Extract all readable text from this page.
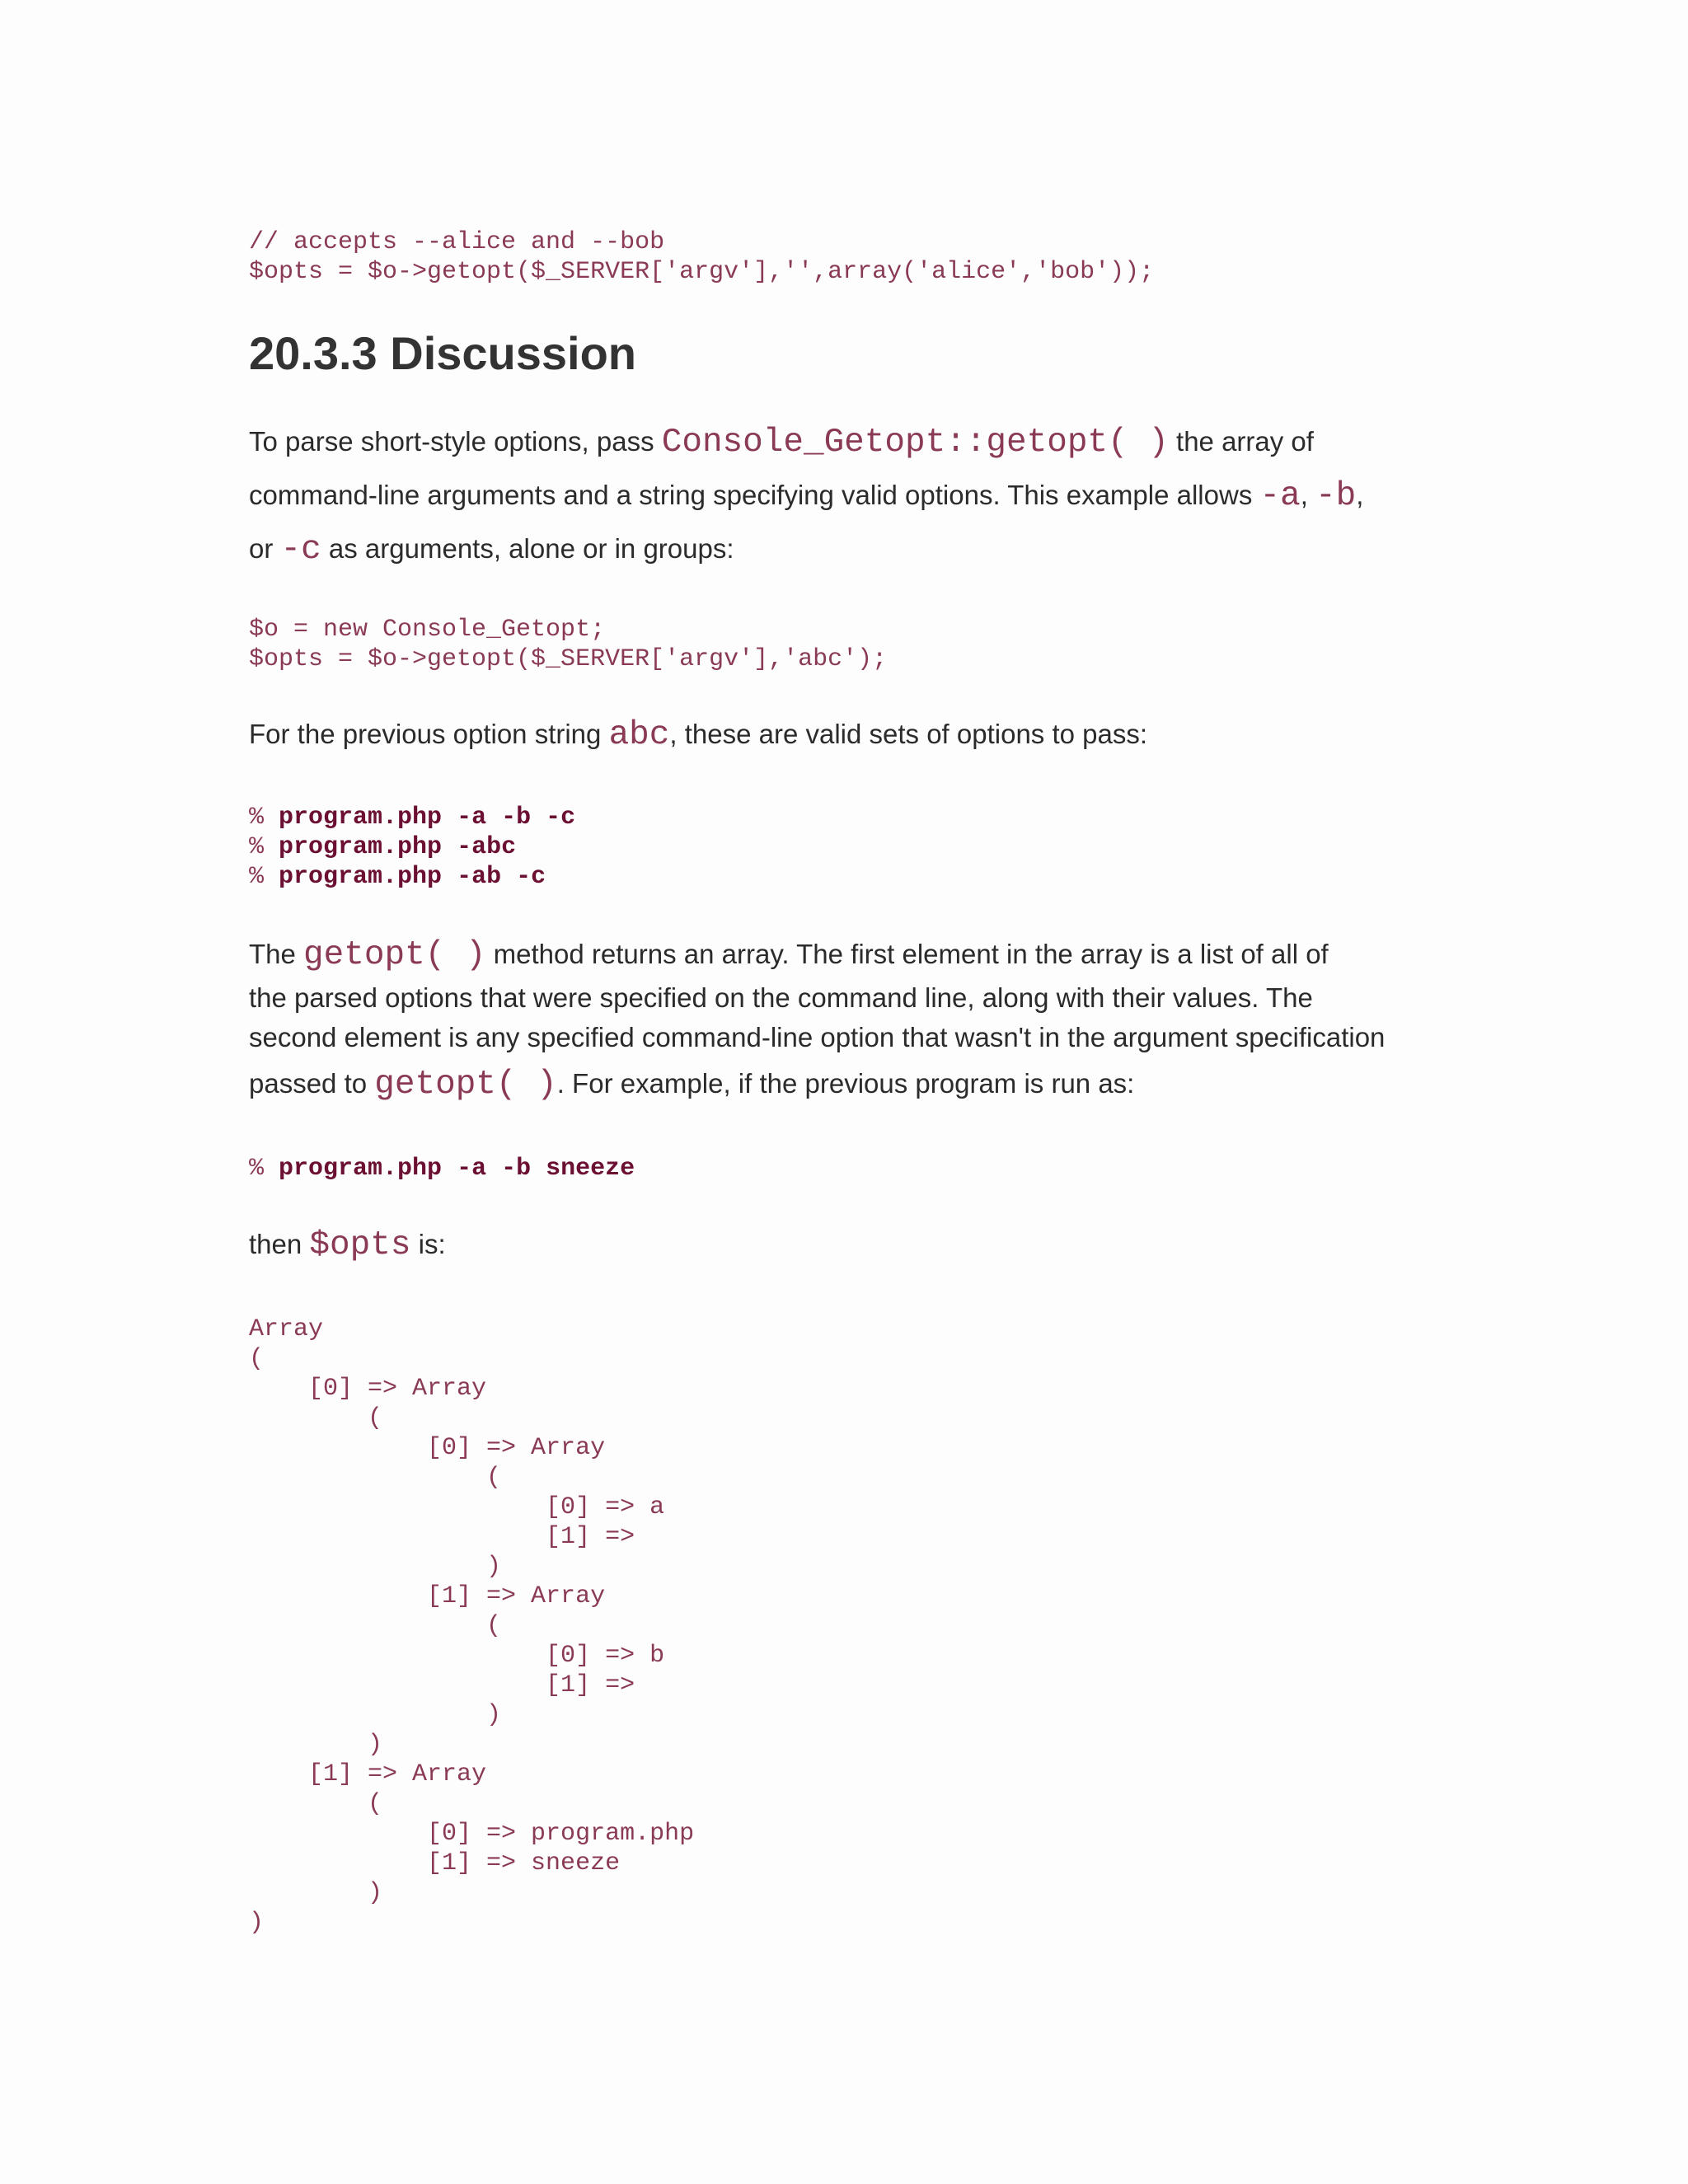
// accepts --alice and --bob
$opts = $o->getopt($_SERVER['argv'],'',array('alice','bob'));
20.3.3 Discussion
To parse short-style options, pass Console_Getopt::getopt( ) the array of
command-line arguments and a string specifying valid options. This example allows -a, -b,
or -c as arguments, alone or in groups:
$o = new Console_Getopt;
$opts = $o->getopt($_SERVER['argv'],'abc');
For the previous option string abc, these are valid sets of options to pass:
% program.php -a -b -c
% program.php -abc
% program.php -ab -c
The getopt( ) method returns an array. The first element in the array is a list of all of
the parsed options that were specified on the command line, along with their values. The
second element is any specified command-line option that wasn't in the argument specification
passed to getopt( ). For example, if the previous program is run as:
% program.php -a -b sneeze
then $opts is:
Array
(
[0] => Array
(
[0] => Array
(
[0] => a
[1] =>
)
[1] => Array
(
[0] => b
[1] =>
)
)
[1] => Array
(
[0] => program.php
[1] => sneeze
)
)
